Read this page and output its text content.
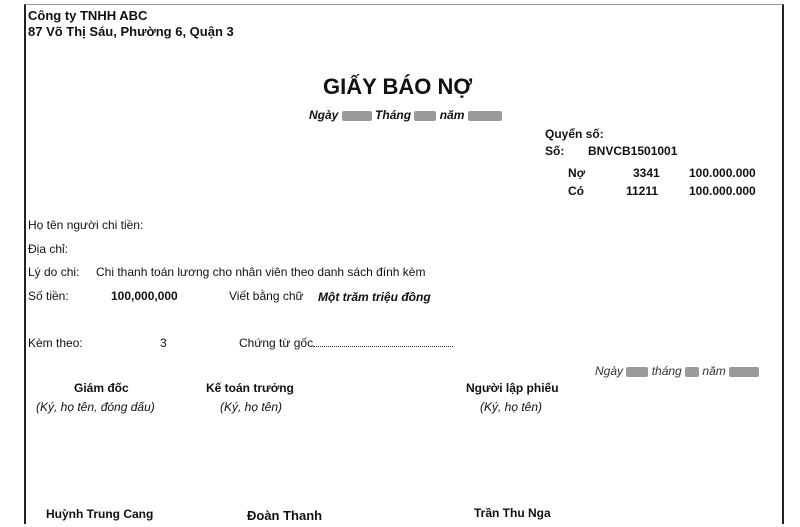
Công ty TNHH ABC
87 Võ Thị Sáu, Phường 6, Quận 3
GIẤY BÁO NỢ
Ngày	Tháng năm
Quyển số:
Số: BNVCB1501001
Nợ	3341 100.000.000
Có	11211	100.000.000
Họ tên người chi tiền:
Địa chỉ:
Lý do chi: Chi thanh toán lương cho nhân viên theo danh sách đính kèm
Số tiền:	100,000,000	Viết bằng chữ Một trăm triệu đồng
Kèm theo:	3	Chứng từ gốc
Ngày tháng năm
Giám đốc
(Ký, họ tên, đóng dấu)
Huỳnh Trung Cang
Kế toán trưởng
(Ký, họ tên)
Đoàn Thanh
Người lập phiếu
(Ký, họ tên)
Trần Thu Nga
